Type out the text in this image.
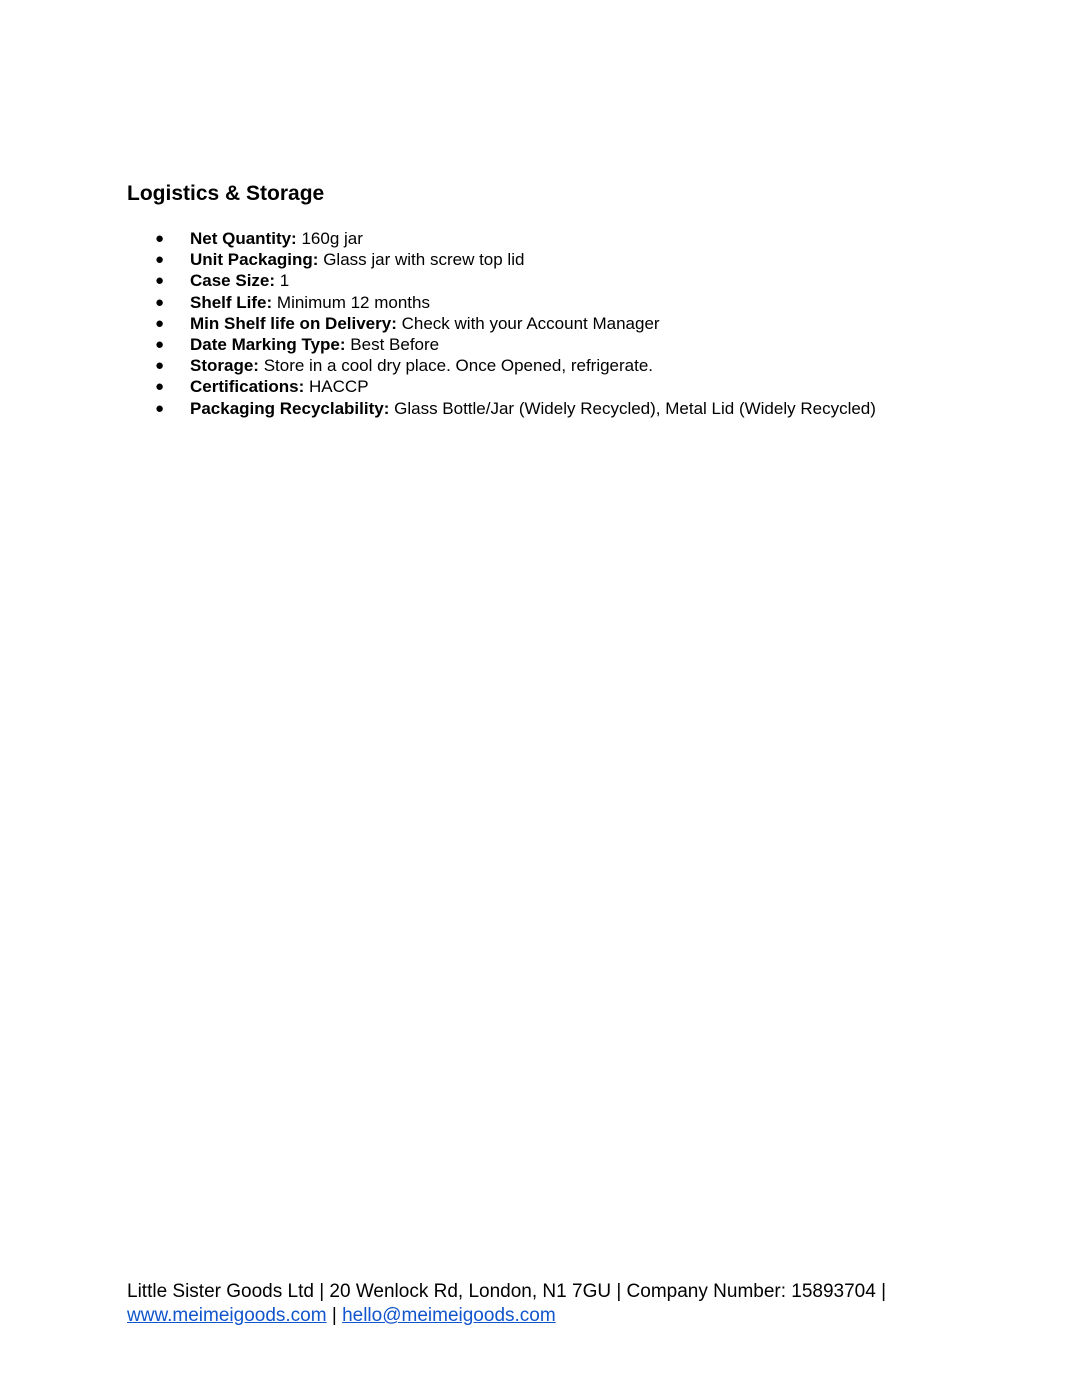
Logistics & Storage
●	Net Quantity: 160g jar
●	Unit Packaging: Glass jar with screw top lid
●	Case Size: 1
●	Shelf Life: Minimum 12 months
●	Min Shelf life on Delivery: Check with your Account Manager
●	Date Marking Type: Best Before
●	Storage: Store in a cool dry place. Once Opened, refrigerate.
●	Certifications: HACCP
●	Packaging Recyclability: Glass Bottle/Jar (Widely Recycled), Metal Lid (Widely Recycled)
Little Sister Goods Ltd | 20 Wenlock Rd, London, N1 7GU | Company Number: 15893704 |
www.meimeigoods.com | hello@meimeigoods.com
